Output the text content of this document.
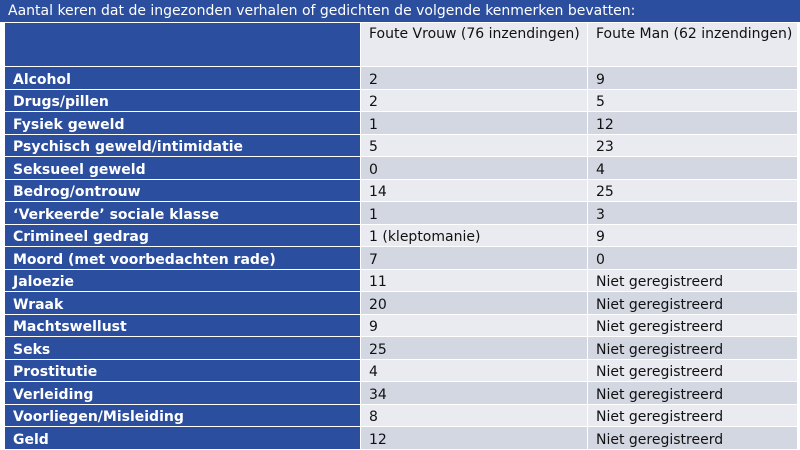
Aantal keren dat de ingezonden verhalen of gedichten de volgende kenmerken bevatten:
	Foute Vrouw (76 inzendingen)	Foute Man (62 inzendingen)
Alcohol	2	9
Drugs/pillen	2	5
Fysiek geweld	1	12
Psychisch geweld/intimidatie	5	23
Seksueel geweld	0	4
Bedrog/ontrouw	14	25
‘Verkeerde’ sociale klasse	1	3
Crimineel gedrag	1 (kleptomanie)	9
Moord (met voorbedachten rade)	7	0
Jaloezie	11	Niet geregistreerd
Wraak	20	Niet geregistreerd
Machtswellust	9	Niet geregistreerd
Seks	25	Niet geregistreerd
Prostitutie	4	Niet geregistreerd
Verleiding	34	Niet geregistreerd
Voorliegen/Misleiding	8	Niet geregistreerd
Geld	12	Niet geregistreerd
